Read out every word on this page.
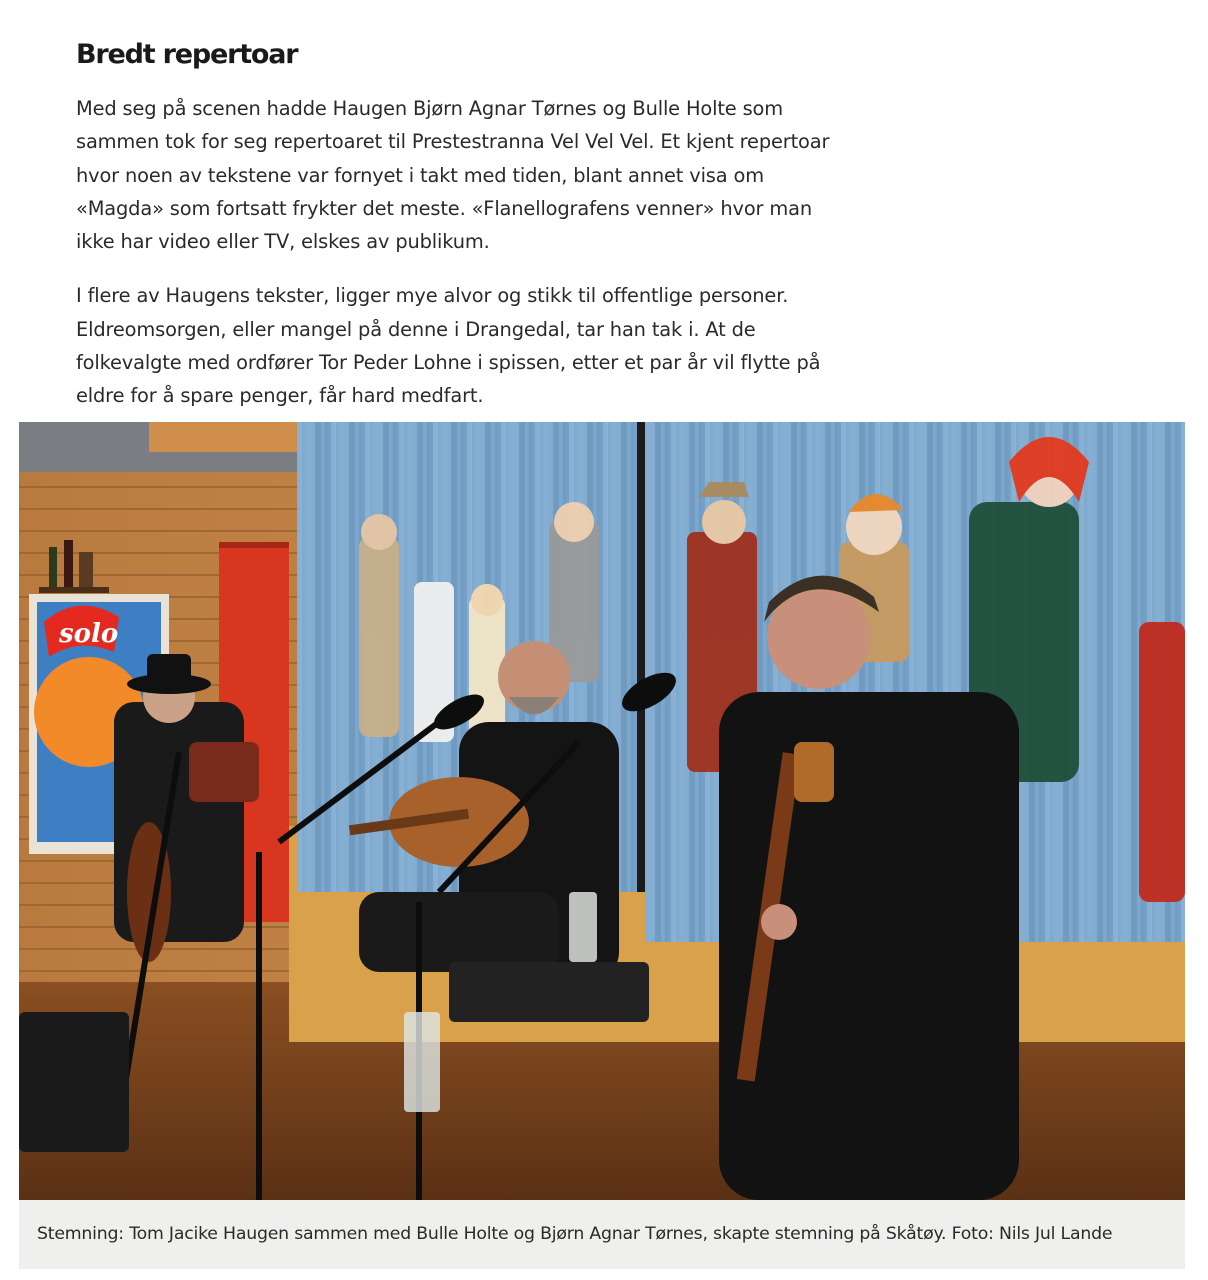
Bredt repertoar

Med seg på scenen hadde Haugen Bjørn Agnar Tørnes og Bulle Holte som sammen tok for seg repertoaret til Prestestranna Vel Vel Vel. Et kjent repertoar hvor noen av tekstene var fornyet i takt med tiden, blant annet visa om «Magda» som fortsatt frykter det meste. «Flanellografens venner» hvor man ikke har video eller TV, elskes av publikum.

I flere av Haugens tekster, ligger mye alvor og stikk til offentlige personer. Eldreomsorgen, eller mangel på denne i Drangedal, tar han tak i. At de folkevalgte med ordfører Tor Peder Lohne i spissen, etter et par år vil flytte på eldre for å spare penger, får hard medfart.

solo
Stemning: Tom Jacike Haugen sammen med Bulle Holte og Bjørn Agnar Tørnes, skapte stemning på Skåtøy. Foto: Nils Jul Lande
